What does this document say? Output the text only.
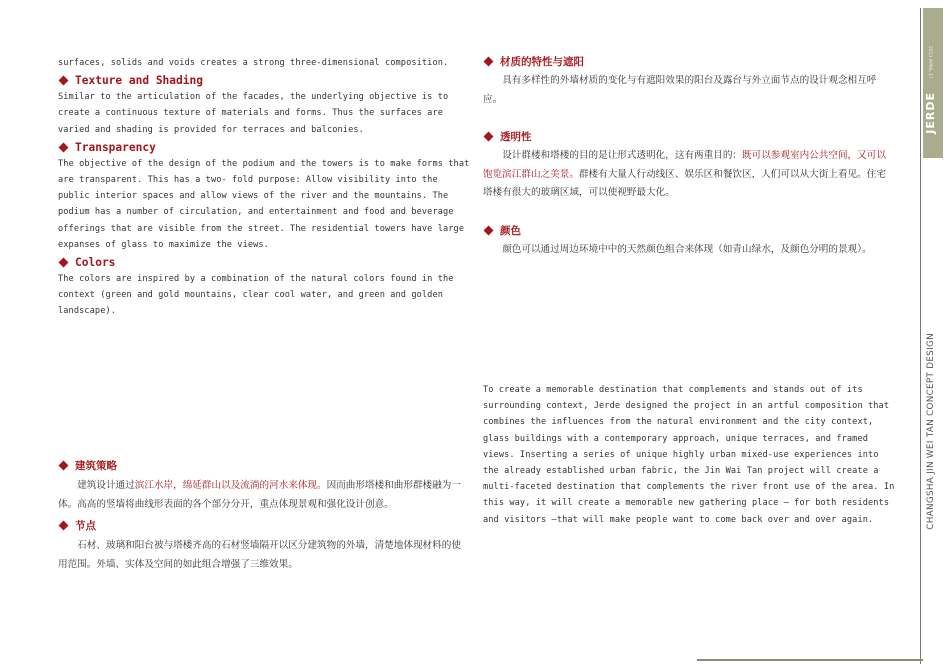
surfaces, solids and voids creates a strong three-dimensional composition.

Texture and Shading

Similar to the articulation of the facades, the underlying objective is to create a continuous texture of materials and forms. Thus the surfaces are varied and shading is provided for terraces and balconies.

Transparency

The objective of the design of the podium and the towers is to make forms that are transparent. This has a two- fold purpose: Allow visibility into the public interior spaces and allow views of the river and the mountains. The podium has a number of circulation, and entertainment and food and beverage offerings that are visible from the street. The residential towers have large expanses of glass to maximize the views.

Colors

The colors are inspired by a combination of the natural colors found in the context (green and gold mountains, clear cool water, and green and golden landscape).

建筑策略

建筑设计通过滨江水岸，绵延群山以及流淌的河水来体现。因而曲形塔楼和曲形群楼融为一体。高高的竖墙将曲线形表面的各个部分分开，重点体现景观和强化设计创意。

节点

石材、玻璃和阳台被与塔楼齐高的石材竖墙隔开以区分建筑物的外墙，清楚地体现材料的使用范围。外墙、实体及空间的如此组合增强了三维效果。

材质的特性与遮阳

具有多样性的外墙材质的变化与有遮阳效果的阳台及露台与外立面节点的设计观念相互呼应。

透明性

设计群楼和塔楼的目的是让形式透明化，这有两重目的：既可以参观室内公共空间，又可以饱览滨江群山之美景。群楼有大量人行动线区、娱乐区和餐饮区，人们可以从大街上看见。住宅塔楼有很大的玻璃区域，可以使视野最大化。

颜色

颜色可以通过周边环境中中的天然颜色组合来体现（如青山绿水，及颜色分明的景观）。

To create a memorable destination that complements and stands out of its surrounding context, Jerde designed the project in an artful composition that combines the influences from the natural environment and the city context, glass buildings with a contemporary approach, unique terraces, and framed views. Inserting a series of unique highly urban mixed-use experiences into the already established urban fabric, the Jin Wai Tan project will create a multi-faceted destination that complements the river front use of the area. In this way, it will create a memorable new gathering place – for both residents and visitors –that will make people want to come back over and over again.

2013 APRIL 17
JERDE
CHANGSHA JIN WEI TAN CONCEPT DESIGN
